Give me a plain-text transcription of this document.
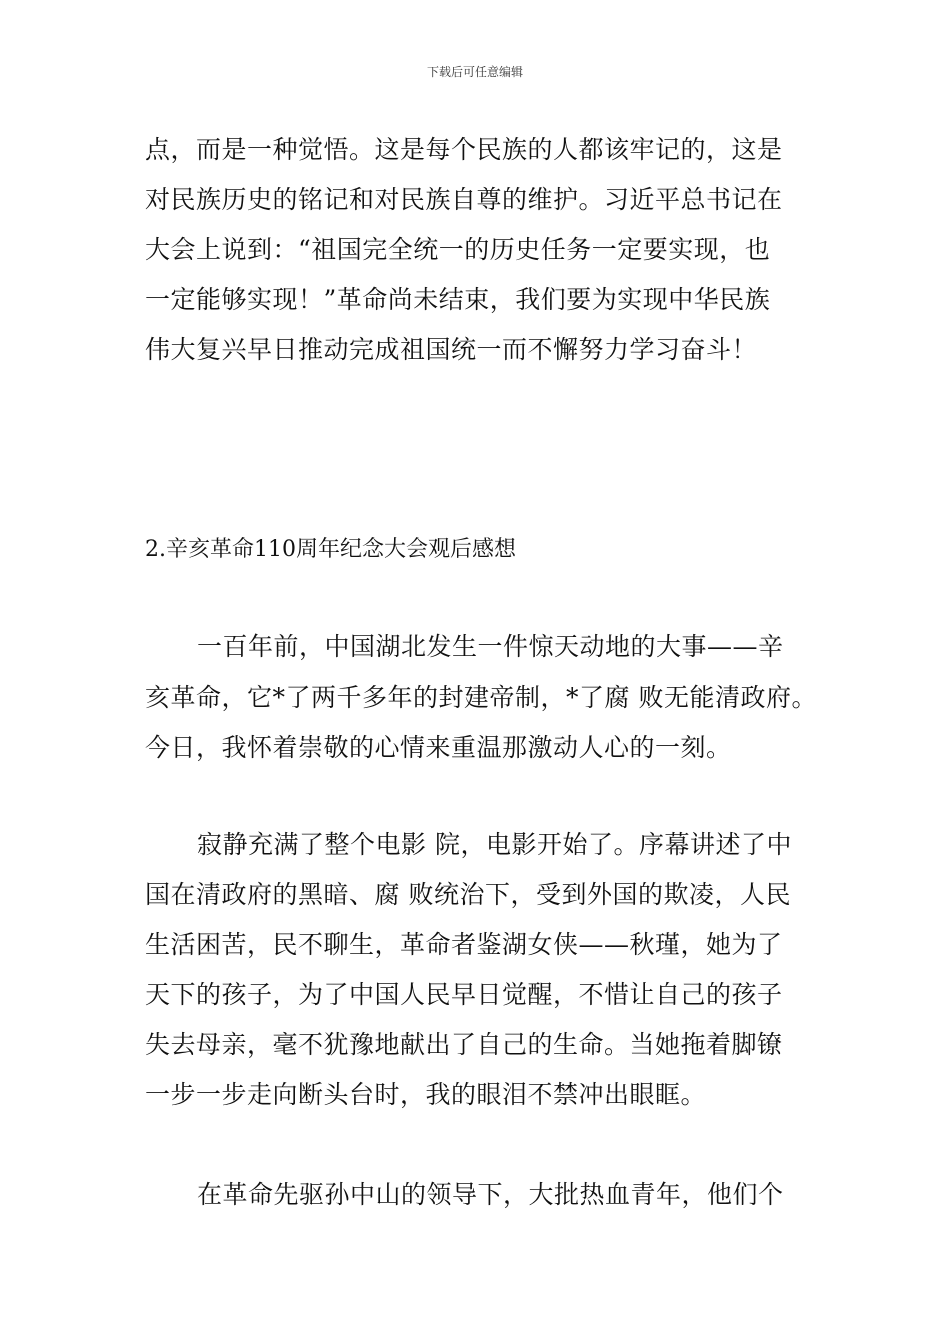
下载后可任意编辑
点，而是一种觉悟。这是每个民族的人都该牢记的，这是
对民族历史的铭记和对民族自尊的维护。习近平总书记在
大会上说到：“祖国完全统一的历史任务一定要实现，也
一定能够实现！”革命尚未结束，我们要为实现中华民族
伟大复兴早日推动完成祖国统一而不懈努力学习奋斗！
2.辛亥革命110周年纪念大会观后感想
一百年前，中国湖北发生一件惊天动地的大事——辛
亥革命，它*了两千多年的封建帝制，*了腐 败无能清政府。
今日，我怀着崇敬的心情来重温那激动人心的一刻。
寂静充满了整个电影 院，电影开始了。序幕讲述了中
国在清政府的黑暗、腐 败统治下，受到外国的欺凌，人民
生活困苦，民不聊生，革命者鉴湖女侠——秋瑾，她为了
天下的孩子，为了中国人民早日觉醒，不惜让自己的孩子
失去母亲，毫不犹豫地献出了自己的生命。当她拖着脚镣
一步一步走向断头台时，我的眼泪不禁冲出眼眶。
在革命先驱孙中山的领导下，大批热血青年，他们个
